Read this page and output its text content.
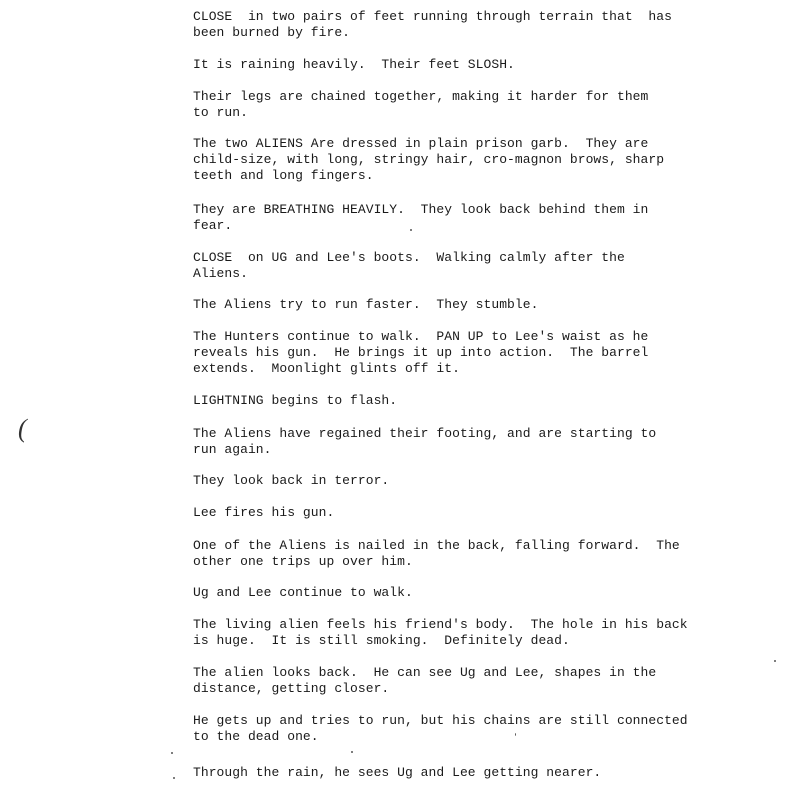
CLOSE  in two pairs of feet running through terrain that  has
been burned by fire.

It is raining heavily.  Their feet SLOSH.

Their legs are chained together, making it harder for them
to run.

The two ALIENS Are dressed in plain prison garb.  They are
child-size, with long, stringy hair, cro-magnon brows, sharp
teeth and long fingers.

They are BREATHING HEAVILY.  They look back behind them in
fear.

CLOSE  on UG and Lee's boots.  Walking calmly after the
Aliens.

The Aliens try to run faster.  They stumble.

The Hunters continue to walk.  PAN UP to Lee's waist as he
reveals his gun.  He brings it up into action.  The barrel
extends.  Moonlight glints off it.

LIGHTNING begins to flash.

The Aliens have regained their footing, and are starting to
run again.

They look back in terror.

Lee fires his gun.

One of the Aliens is nailed in the back, falling forward.  The
other one trips up over him.

Ug and Lee continue to walk.

The living alien feels his friend's body.  The hole in his back
is huge.  It is still smoking.  Definitely dead.

The alien looks back.  He can see Ug and Lee, shapes in the
distance, getting closer.

He gets up and tries to run, but his chains are still connected
to the dead one.

Through the rain, he sees Ug and Lee getting nearer.

(
